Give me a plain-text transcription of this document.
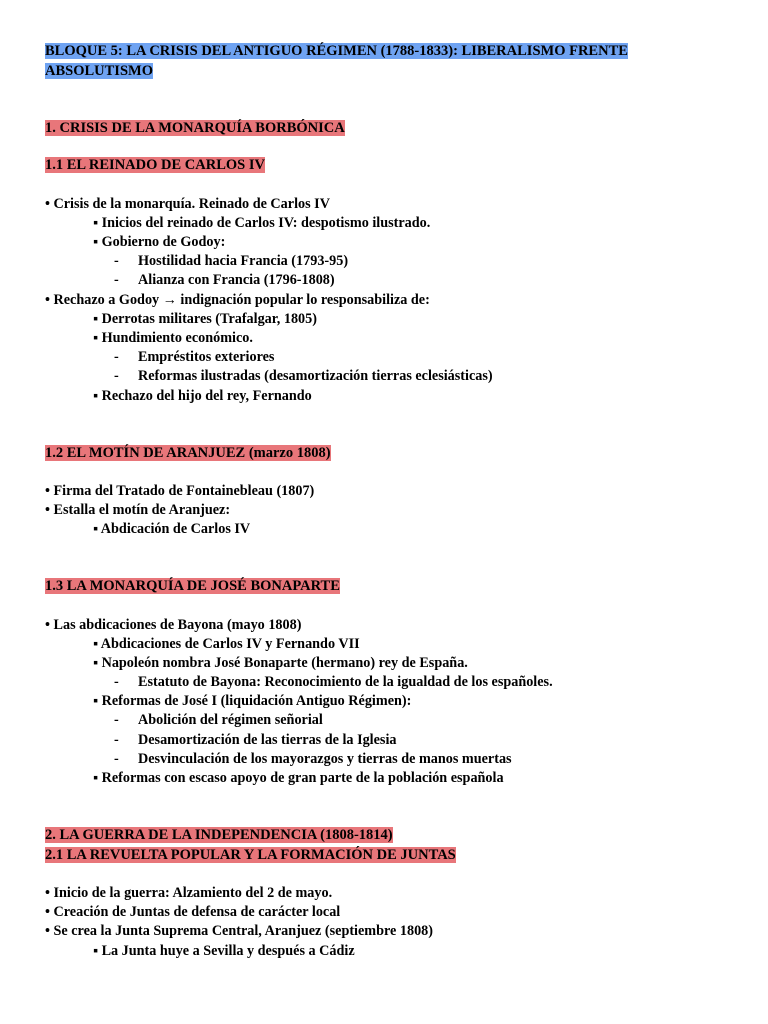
BLOQUE 5: LA CRISIS DEL ANTIGUO RÉGIMEN (1788-1833): LIBERALISMO FRENTE ABSOLUTISMO
1. CRISIS DE LA MONARQUÍA BORBÓNICA
1.1 EL REINADO DE CARLOS IV
• Crisis de la monarquía. Reinado de Carlos IV
▪ Inicios del reinado de Carlos IV: despotismo ilustrado.
▪ Gobierno de Godoy:
- Hostilidad hacia Francia (1793-95)
- Alianza con Francia (1796-1808)
• Rechazo a Godoy → indignación popular lo responsabiliza de:
▪ Derrotas militares (Trafalgar, 1805)
▪ Hundimiento económico.
- Empréstitos exteriores
- Reformas ilustradas (desamortización tierras eclesiásticas)
▪ Rechazo del hijo del rey, Fernando
1.2 EL MOTÍN DE ARANJUEZ (marzo 1808)
• Firma del Tratado de Fontainebleau (1807)
• Estalla el motín de Aranjuez:
▪ Abdicación de Carlos IV
1.3 LA MONARQUÍA DE JOSÉ BONAPARTE
• Las abdicaciones de Bayona (mayo 1808)
▪ Abdicaciones de Carlos IV y Fernando VII
▪ Napoleón nombra José Bonaparte (hermano) rey de España.
- Estatuto de Bayona: Reconocimiento de la igualdad de los españoles.
▪ Reformas de José I (liquidación Antiguo Régimen):
- Abolición del régimen señorial
- Desamortización de las tierras de la Iglesia
- Desvinculación de los mayorazgos y tierras de manos muertas
▪ Reformas con escaso apoyo de gran parte de la población española
2. LA GUERRA DE LA INDEPENDENCIA (1808-1814)
2.1 LA REVUELTA POPULAR Y LA FORMACIÓN DE JUNTAS
• Inicio de la guerra: Alzamiento del 2 de mayo.
• Creación de Juntas de defensa de carácter local
• Se crea la Junta Suprema Central, Aranjuez (septiembre 1808)
▪ La Junta huye a Sevilla y después a Cádiz
